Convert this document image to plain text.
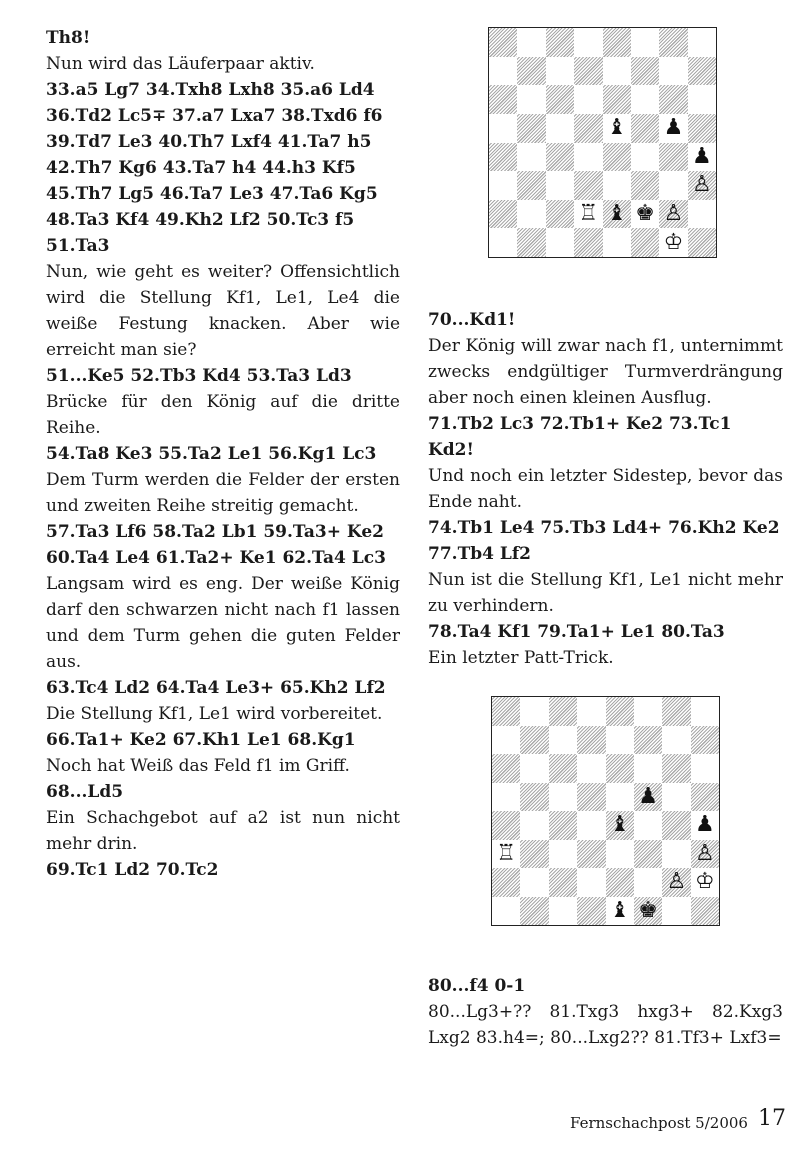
Th8!

Nun wird das Läuferpaar aktiv.

33.a5 Lg7 34.Txh8 Lxh8 35.a6 Ld4 36.Td2 Lc5∓ 37.a7 Lxa7 38.Txd6 f6 39.Td7 Le3 40.Th7 Lxf4 41.Ta7 h5 42.Th7 Kg6 43.Ta7 h4 44.h3 Kf5 45.Th7 Lg5 46.Ta7 Le3 47.Ta6 Kg5 48.Ta3 Kf4 49.Kh2 Lf2 50.Tc3 f5 51.Ta3

Nun, wie geht es weiter? Offensichtlich wird die Stellung Kf1, Le1, Le4 die weiße Festung knacken. Aber wie erreicht man sie?

51...Ke5 52.Tb3 Kd4 53.Ta3 Ld3

Brücke für den König auf die dritte Reihe.

54.Ta8 Ke3 55.Ta2 Le1 56.Kg1 Lc3

Dem Turm werden die Felder der ersten und zweiten Reihe streitig gemacht.

57.Ta3 Lf6 58.Ta2 Lb1 59.Ta3+ Ke2 60.Ta4 Le4 61.Ta2+ Ke1 62.Ta4 Lc3

Langsam wird es eng. Der weiße König darf den schwarzen nicht nach f1 lassen und dem Turm gehen die guten Felder aus.

63.Tc4 Ld2 64.Ta4 Le3+ 65.Kh2 Lf2

Die Stellung Kf1, Le1 wird vorbereitet.

66.Ta1+ Ke2 67.Kh1 Le1 68.Kg1

Noch hat Weiß das Feld f1 im Griff.

68...Ld5

Ein Schachgebot auf a2 ist nun nicht mehr drin.

69.Tc1 Ld2 70.Tc2

♝ ♟
♟
♙
♖ ♝ ♚ ♙
♔

70...Kd1!

Der König will zwar nach f1, unternimmt zwecks endgültiger Turmverdrängung aber noch einen kleinen Ausflug.

71.Tb2 Lc3 72.Tb1+ Ke2 73.Tc1 Kd2!

Und noch ein letzter Sidestep, bevor das Ende naht.

74.Tb1 Le4 75.Tb3 Ld4+ 76.Kh2 Ke2 77.Tb4 Lf2

Nun ist die Stellung Kf1, Le1 nicht mehr zu verhindern.

78.Ta4 Kf1 79.Ta1+ Le1 80.Ta3

Ein letzter Patt-Trick.

♟
♝	♟
♖	♙
♙ ♔
♝ ♚

80...f4 0-1

80...Lg3+?? 81.Txg3 hxg3+ 82.Kxg3 Lxg2 83.h4=; 80...Lxg2?? 81.Tf3+ Lxf3=

Fernschachpost 5/2006 17
